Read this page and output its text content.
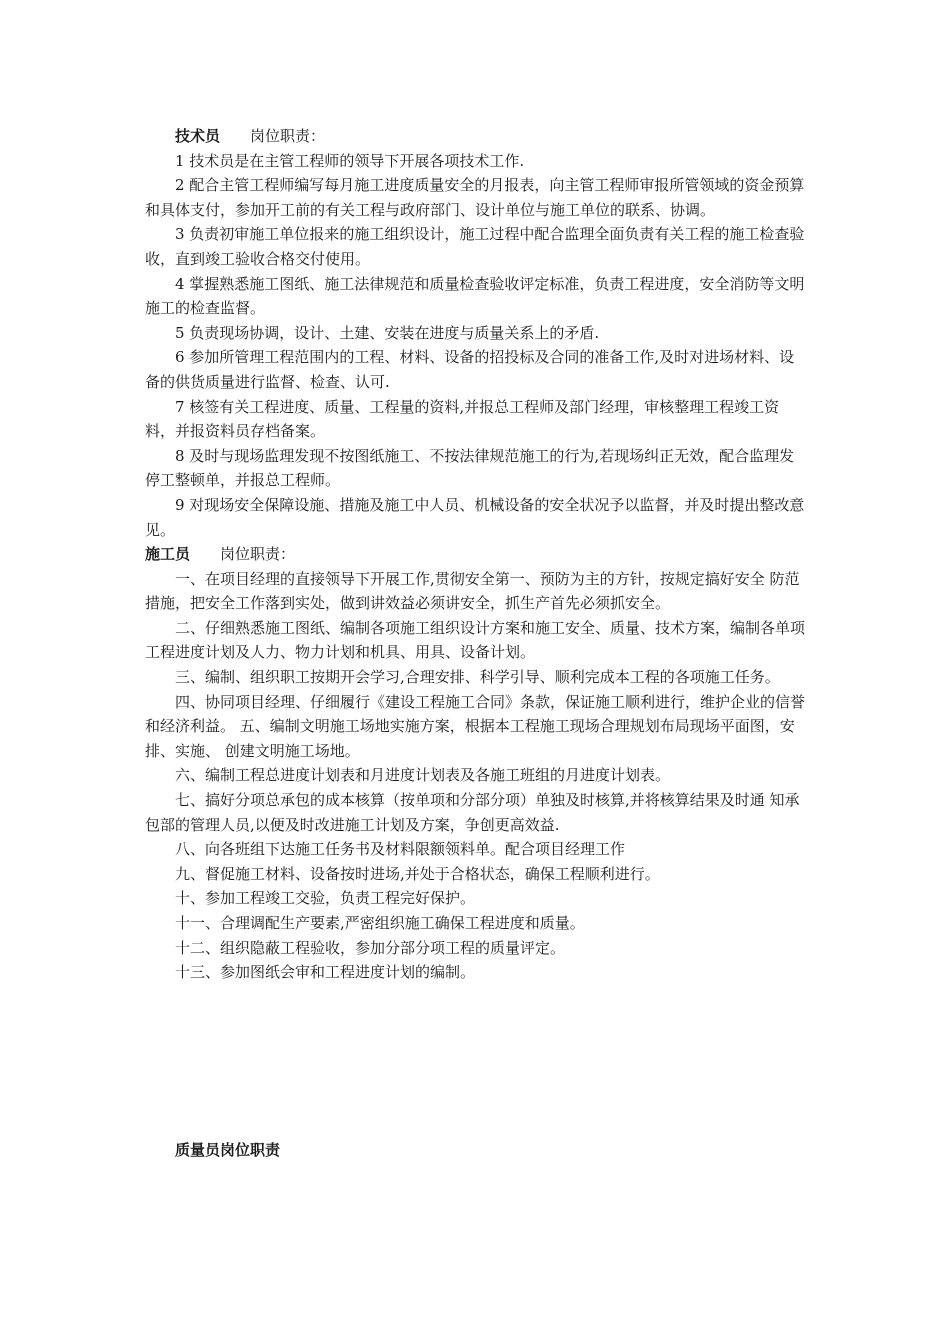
技术员 岗位职责：

1 技术员是在主管工程师的领导下开展各项技术工作.

2 配合主管工程师编写每月施工进度质量安全的月报表，向主管工程师审报所管领域的资金预算和具体支付，参加开工前的有关工程与政府部门、设计单位与施工单位的联系、协调。

3 负责初审施工单位报来的施工组织设计，施工过程中配合监理全面负责有关工程的施工检查验收，直到竣工验收合格交付使用。

4 掌握熟悉施工图纸、施工法律规范和质量检查验收评定标准，负责工程进度，安全消防等文明施工的检查监督。

5 负责现场协调，设计、土建、安装在进度与质量关系上的矛盾.

6 参加所管理工程范围内的工程、材料、设备的招投标及合同的准备工作,及时对进场材料、设备的供货质量进行监督、检查、认可.

7 核签有关工程进度、质量、工程量的资料,并报总工程师及部门经理，审核整理工程竣工资料，并报资料员存档备案。

8 及时与现场监理发现不按图纸施工、不按法律规范施工的行为,若现场纠正无效，配合监理发停工整顿单，并报总工程师。

9 对现场安全保障设施、措施及施工中人员、机械设备的安全状况予以监督，并及时提出整改意见。

施工员 岗位职责：

一、在项目经理的直接领导下开展工作,贯彻安全第一、预防为主的方针，按规定搞好安全 防范措施，把安全工作落到实处，做到讲效益必须讲安全，抓生产首先必须抓安全。

二、仔细熟悉施工图纸、编制各项施工组织设计方案和施工安全、质量、技术方案，编制各单项工程进度计划及人力、物力计划和机具、用具、设备计划。

三、编制、组织职工按期开会学习,合理安排、科学引导、顺利完成本工程的各项施工任务。

四、协同项目经理、仔细履行《建设工程施工合同》条款，保证施工顺利进行，维护企业的信誉和经济利益。 五、编制文明施工场地实施方案，根据本工程施工现场合理规划布局现场平面图，安排、实施、 创建文明施工场地。

六、编制工程总进度计划表和月进度计划表及各施工班组的月进度计划表。

七、搞好分项总承包的成本核算（按单项和分部分项）单独及时核算,并将核算结果及时通 知承包部的管理人员,以便及时改进施工计划及方案，争创更高效益.

八、向各班组下达施工任务书及材料限额领料单。配合项目经理工作

九、督促施工材料、设备按时进场,并处于合格状态，确保工程顺利进行。

十、参加工程竣工交验，负责工程完好保护。

十一、合理调配生产要素,严密组织施工确保工程进度和质量。

十二、组织隐蔽工程验收，参加分部分项工程的质量评定。

十三、参加图纸会审和工程进度计划的编制。

质量员岗位职责
